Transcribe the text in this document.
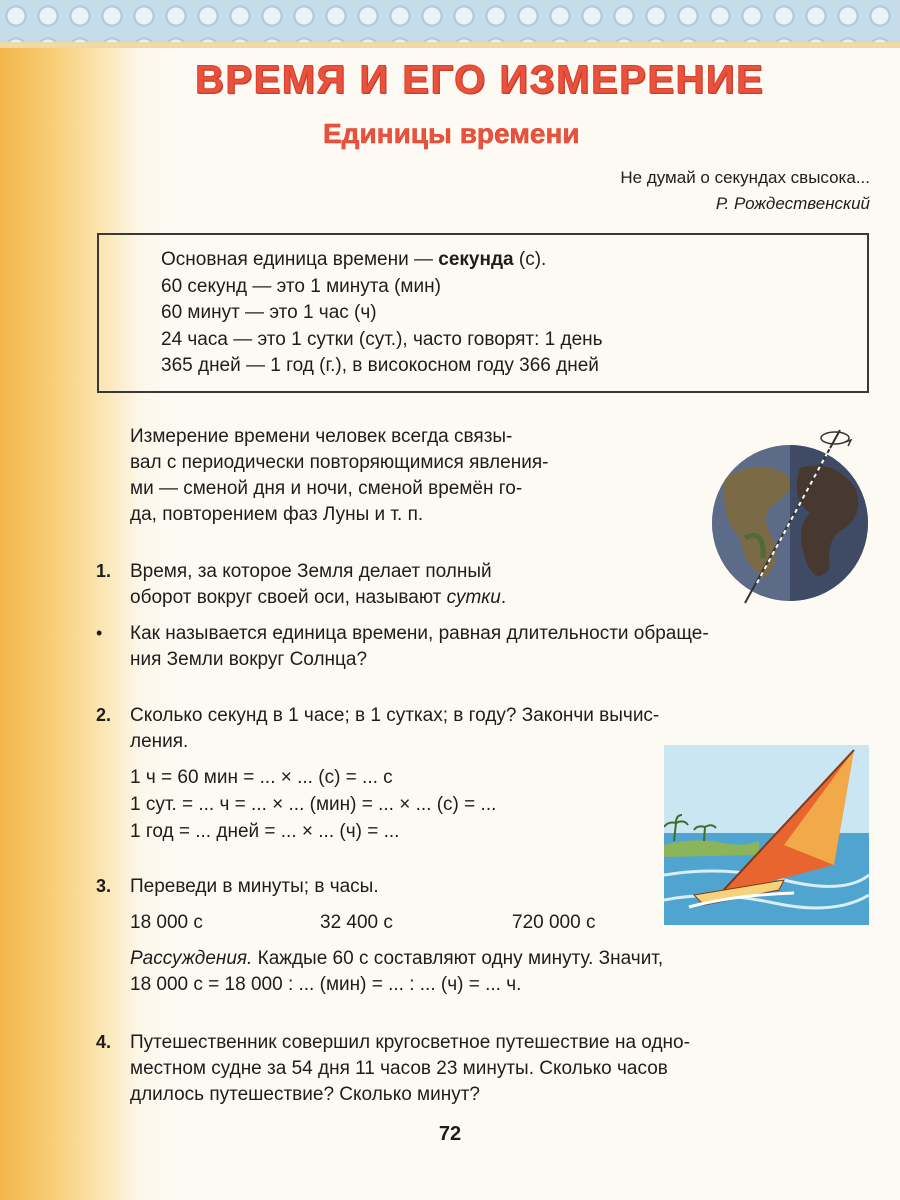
ВРЕМЯ И ЕГО ИЗМЕРЕНИЕ
Единицы времени
Не думай о секундах свысока...
Р. Рождественский
Основная единица времени — секунда (с).
60 секунд — это 1 минута (мин)
60 минут — это 1 час (ч)
24 часа — это 1 сутки (сут.), часто говорят: 1 день
365 дней — 1 год (г.), в високосном году 366 дней
Измерение времени человек всегда связы-
вал с периодически повторяющимися явления-
ми — сменой дня и ночи, сменой времён го-
да, повторением фаз Луны и т. п.
1. Время, за которое Земля делает полный
оборот вокруг своей оси, называют сутки.
• Как называется единица времени, равная длительности обраще-
ния Земли вокруг Солнца?
2. Сколько секунд в 1 часе; в 1 сутках; в году? Закончи вычис-
ления.
1 ч = 60 мин = ... × ... (с) = ... с
1 сут. = ... ч = ... × ... (мин) = ... × ... (с) = ...
1 год = ... дней = ... × ... (ч) = ...
3. Переведи в минуты; в часы.
18 000 с	32 400 с	720 000 с
Рассуждения. Каждые 60 с составляют одну минуту. Значит,
18 000 с = 18 000 : ... (мин) = ... : ... (ч) = ... ч.
4. Путешественник совершил кругосветное путешествие на одно-
местном судне за 54 дня 11 часов 23 минуты. Сколько часов
длилось путешествие? Сколько минут?
72
